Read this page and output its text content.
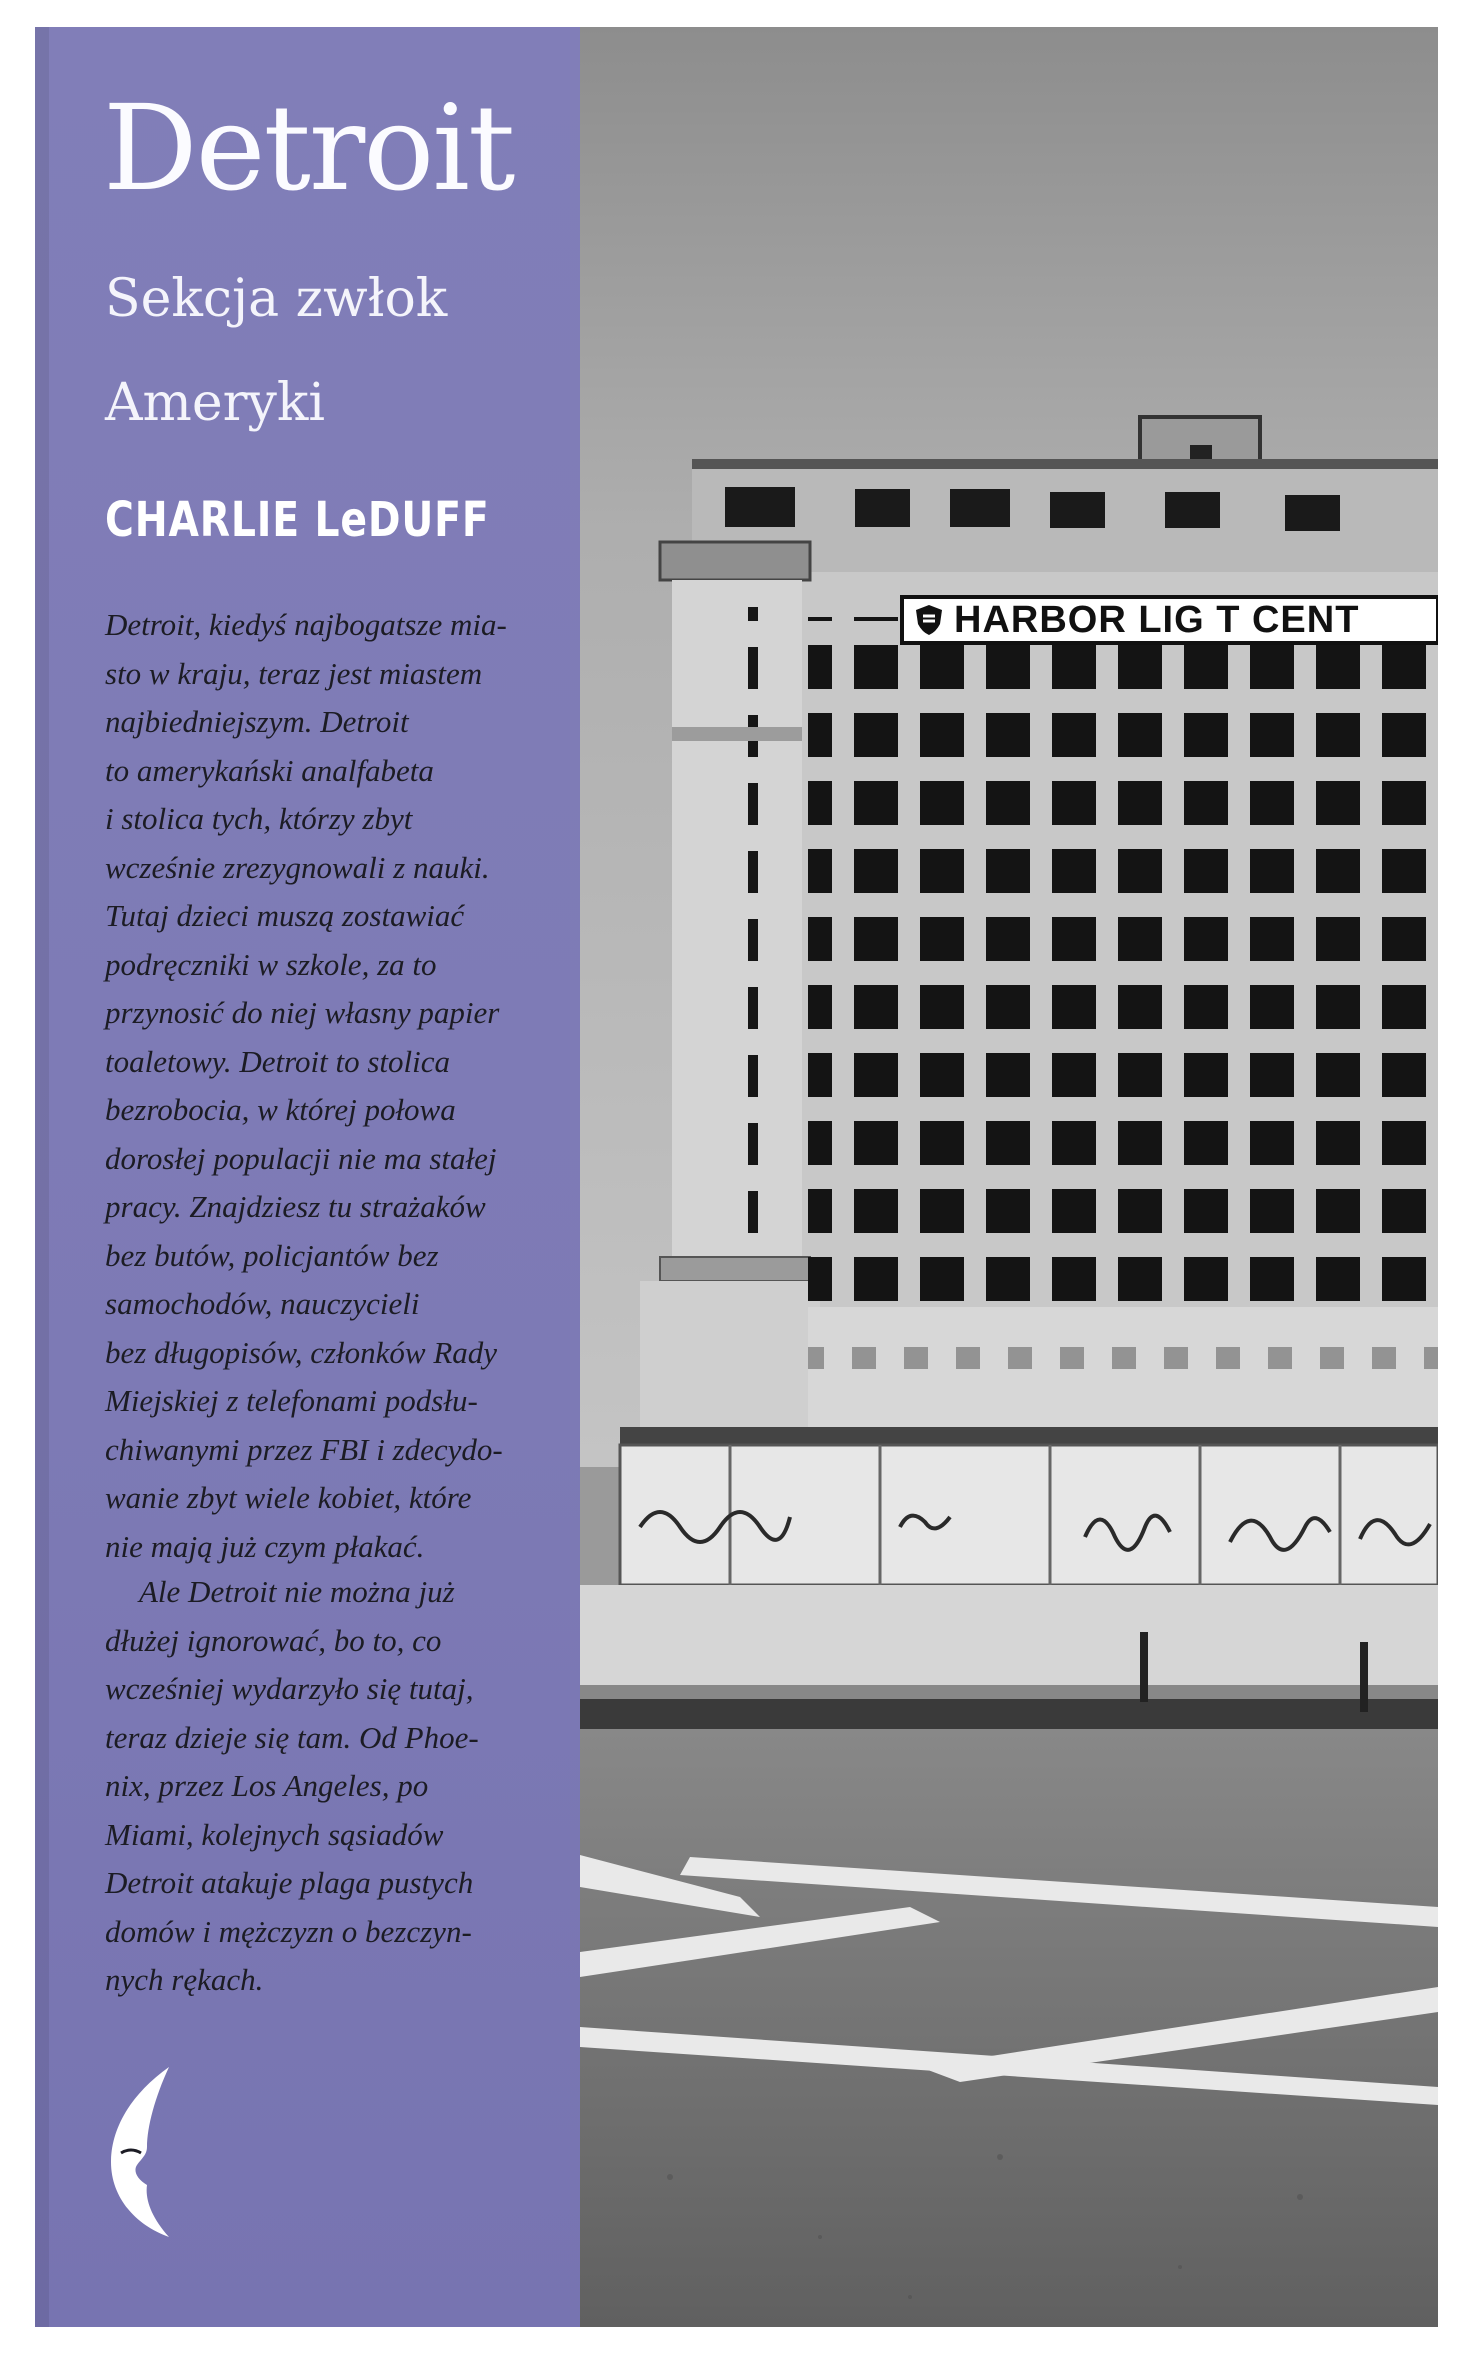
Detroit
Sekcja zwłok
Ameryki
CHARLIE LeDUFF

Detroit, kiedyś najbogatsze mia-
sto w kraju, teraz jest miastem
najbiedniejszym. Detroit
to amerykański analfabeta
i stolica tych, którzy zbyt
wcześnie zrezygnowali z nauki.
Tutaj dzieci muszą zostawiać
podręczniki w szkole, za to
przynosić do niej własny papier
toaletowy. Detroit to stolica
bezrobocia, w której połowa
dorosłej populacji nie ma stałej
pracy. Znajdziesz tu strażaków
bez butów, policjantów bez
samochodów, nauczycieli
bez długopisów, członków Rady
Miejskiej z telefonami podsłu-
chiwanymi przez FBI i zdecydo-
wanie zbyt wiele kobiet, które
nie mają już czym płakać.

Ale Detroit nie można już
dłużej ignorować, bo to, co
wcześniej wydarzyło się tutaj,
teraz dzieje się tam. Od Phoe-
nix, przez Los Angeles, po
Miami, kolejnych sąsiadów
Detroit atakuje plaga pustych
domów i mężczyzn o bezczyn-
nych rękach.

HARBOR LIG T CENT
